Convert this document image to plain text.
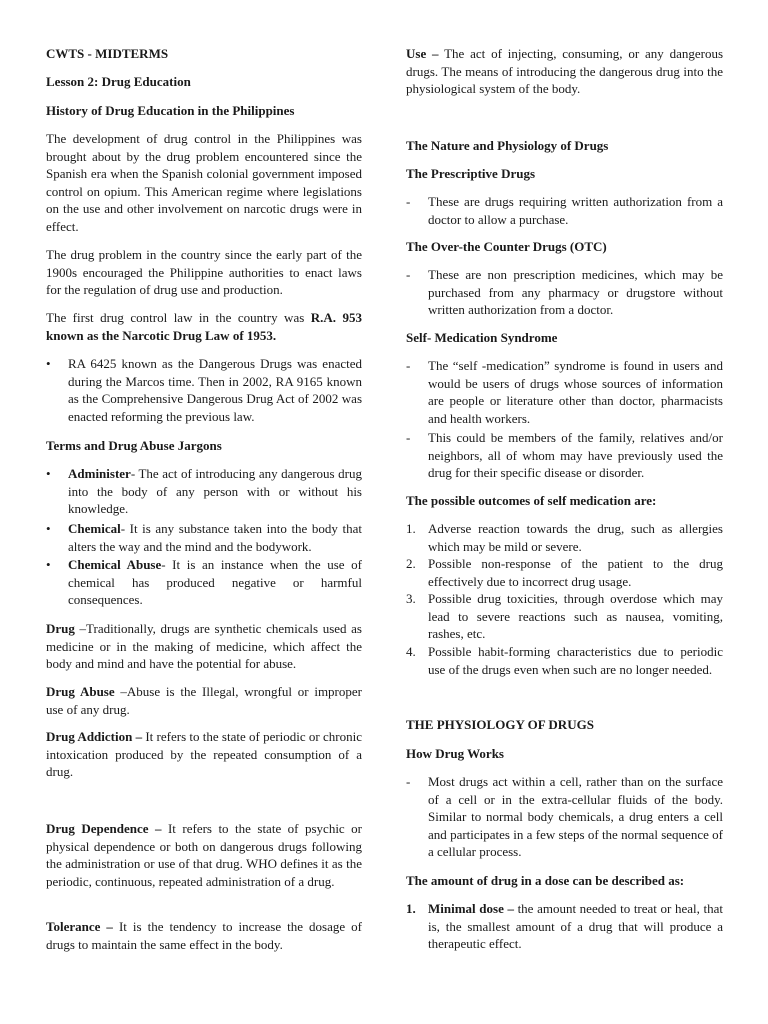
CWTS - MIDTERMS
Lesson 2: Drug Education
History of Drug Education in the Philippines

The development of drug control in the Philippines was brought about by the drug problem encountered since the Spanish era when the Spanish colonial government imposed control on opium. This American regime where legislations on the use and other involvement on narcotic drugs were in effect.

The drug problem in the country since the early part of the 1900s encouraged the Philippine authorities to enact laws for the regulation of drug use and production.

The first drug control law in the country was R.A. 953 known as the Narcotic Drug Law of 1953.

• RA 6425 known as the Dangerous Drugs was enacted during the Marcos time. Then in 2002, RA 9165 known as the Comprehensive Dangerous Drug Act of 2002 was enacted reforming the previous law.
Terms and Drug Abuse Jargons
• Administer- The act of introducing any dangerous drug into the body of any person with or without his knowledge.
• Chemical- It is any substance taken into the body that alters the way and the mind and the bodywork.
• Chemical Abuse- It is an instance when the use of chemical has produced negative or harmful consequences.

Drug –Traditionally, drugs are synthetic chemicals used as medicine or in the making of medicine, which affect the body and mind and have the potential for abuse.

Drug Abuse –Abuse is the Illegal, wrongful or improper use of any drug.

Drug Addiction – It refers to the state of periodic or chronic intoxication produced by the repeated consumption of a drug.

Drug Dependence – It refers to the state of psychic or physical dependence or both on dangerous drugs following the administration or use of that drug. WHO defines it as the periodic, continuous, repeated administration of a drug.

Tolerance – It is the tendency to increase the dosage of drugs to maintain the same effect in the body.

Use – The act of injecting, consuming, or any dangerous drugs. The means of introducing the dangerous drug into the physiological system of the body.

The Nature and Physiology of Drugs
The Prescriptive Drugs
- These are drugs requiring written authorization from a doctor to allow a purchase.
The Over-the Counter Drugs (OTC)
- These are non prescription medicines, which may be purchased from any pharmacy or drugstore without written authorization from a doctor.
Self- Medication Syndrome
- The “self -medication” syndrome is found in users and would be users of drugs whose sources of information are people or literature other than doctor, pharmacists and health workers.
- This could be members of the family, relatives and/or neighbors, all of whom may have previously used the drug for their specific disease or disorder.
The possible outcomes of self medication are:
1. Adverse reaction towards the drug, such as allergies which may be mild or severe.
2. Possible non-response of the patient to the drug effectively due to incorrect drug usage.
3. Possible drug toxicities, through overdose which may lead to severe reactions such as nausea, vomiting, rashes, etc.
4. Possible habit-forming characteristics due to periodic use of the drugs even when such are no longer needed.
THE PHYSIOLOGY OF DRUGS
How Drug Works
- Most drugs act within a cell, rather than on the surface of a cell or in the extra-cellular fluids of the body. Similar to normal body chemicals, a drug enters a cell and participates in a few steps of the normal sequence of a cellular process.
The amount of drug in a dose can be described as:
1. Minimal dose – the amount needed to treat or heal, that is, the smallest amount of a drug that will produce a therapeutic effect.
